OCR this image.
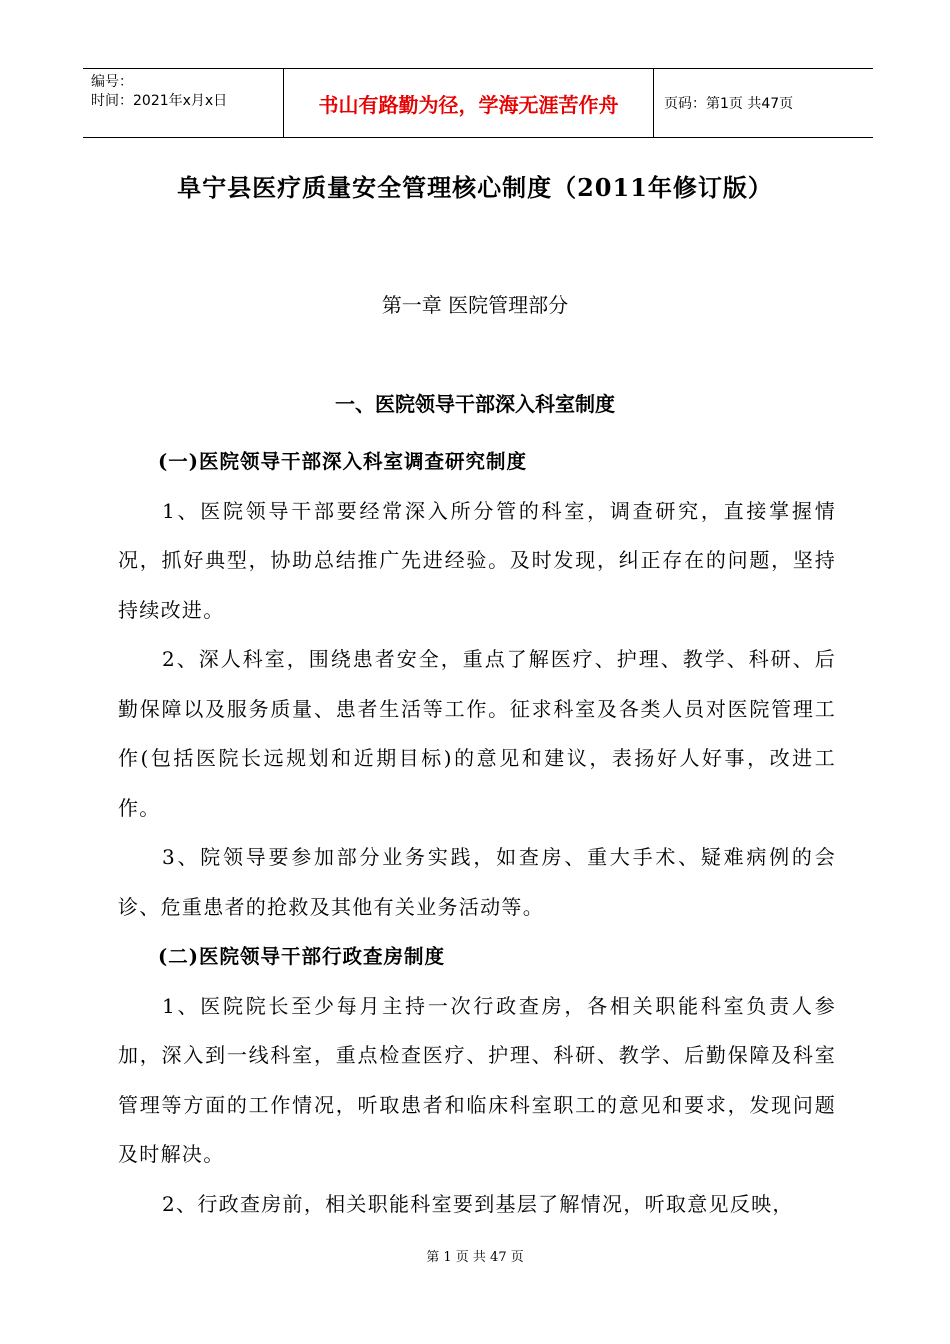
编号：
时间：2021年x月x日	书山有路勤为径，学海无涯苦作舟	页码：第1页 共47页
阜宁县医疗质量安全管理核心制度（2011年修订版）
第一章 医院管理部分
一、医院领导干部深入科室制度

(一)医院领导干部深入科室调查研究制度

1、医院领导干部要经常深入所分管的科室，调查研究，直接掌握情况，抓好典型，协助总结推广先进经验。及时发现，纠正存在的问题，坚持持续改进。

2、深人科室，围绕患者安全，重点了解医疗、护理、教学、科研、后勤保障以及服务质量、患者生活等工作。征求科室及各类人员对医院管理工作(包括医院长远规划和近期目标)的意见和建议，表扬好人好事，改进工作。

3、院领导要参加部分业务实践，如查房、重大手术、疑难病例的会诊、危重患者的抢救及其他有关业务活动等。

(二)医院领导干部行政查房制度

1、医院院长至少每月主持一次行政查房，各相关职能科室负责人参加，深入到一线科室，重点检查医疗、护理、科研、教学、后勤保障及科室管理等方面的工作情况，听取患者和临床科室职工的意见和要求，发现问题及时解决。

2、行政查房前，相关职能科室要到基层了解情况，听取意见反映，

第 1 页 共 47 页
